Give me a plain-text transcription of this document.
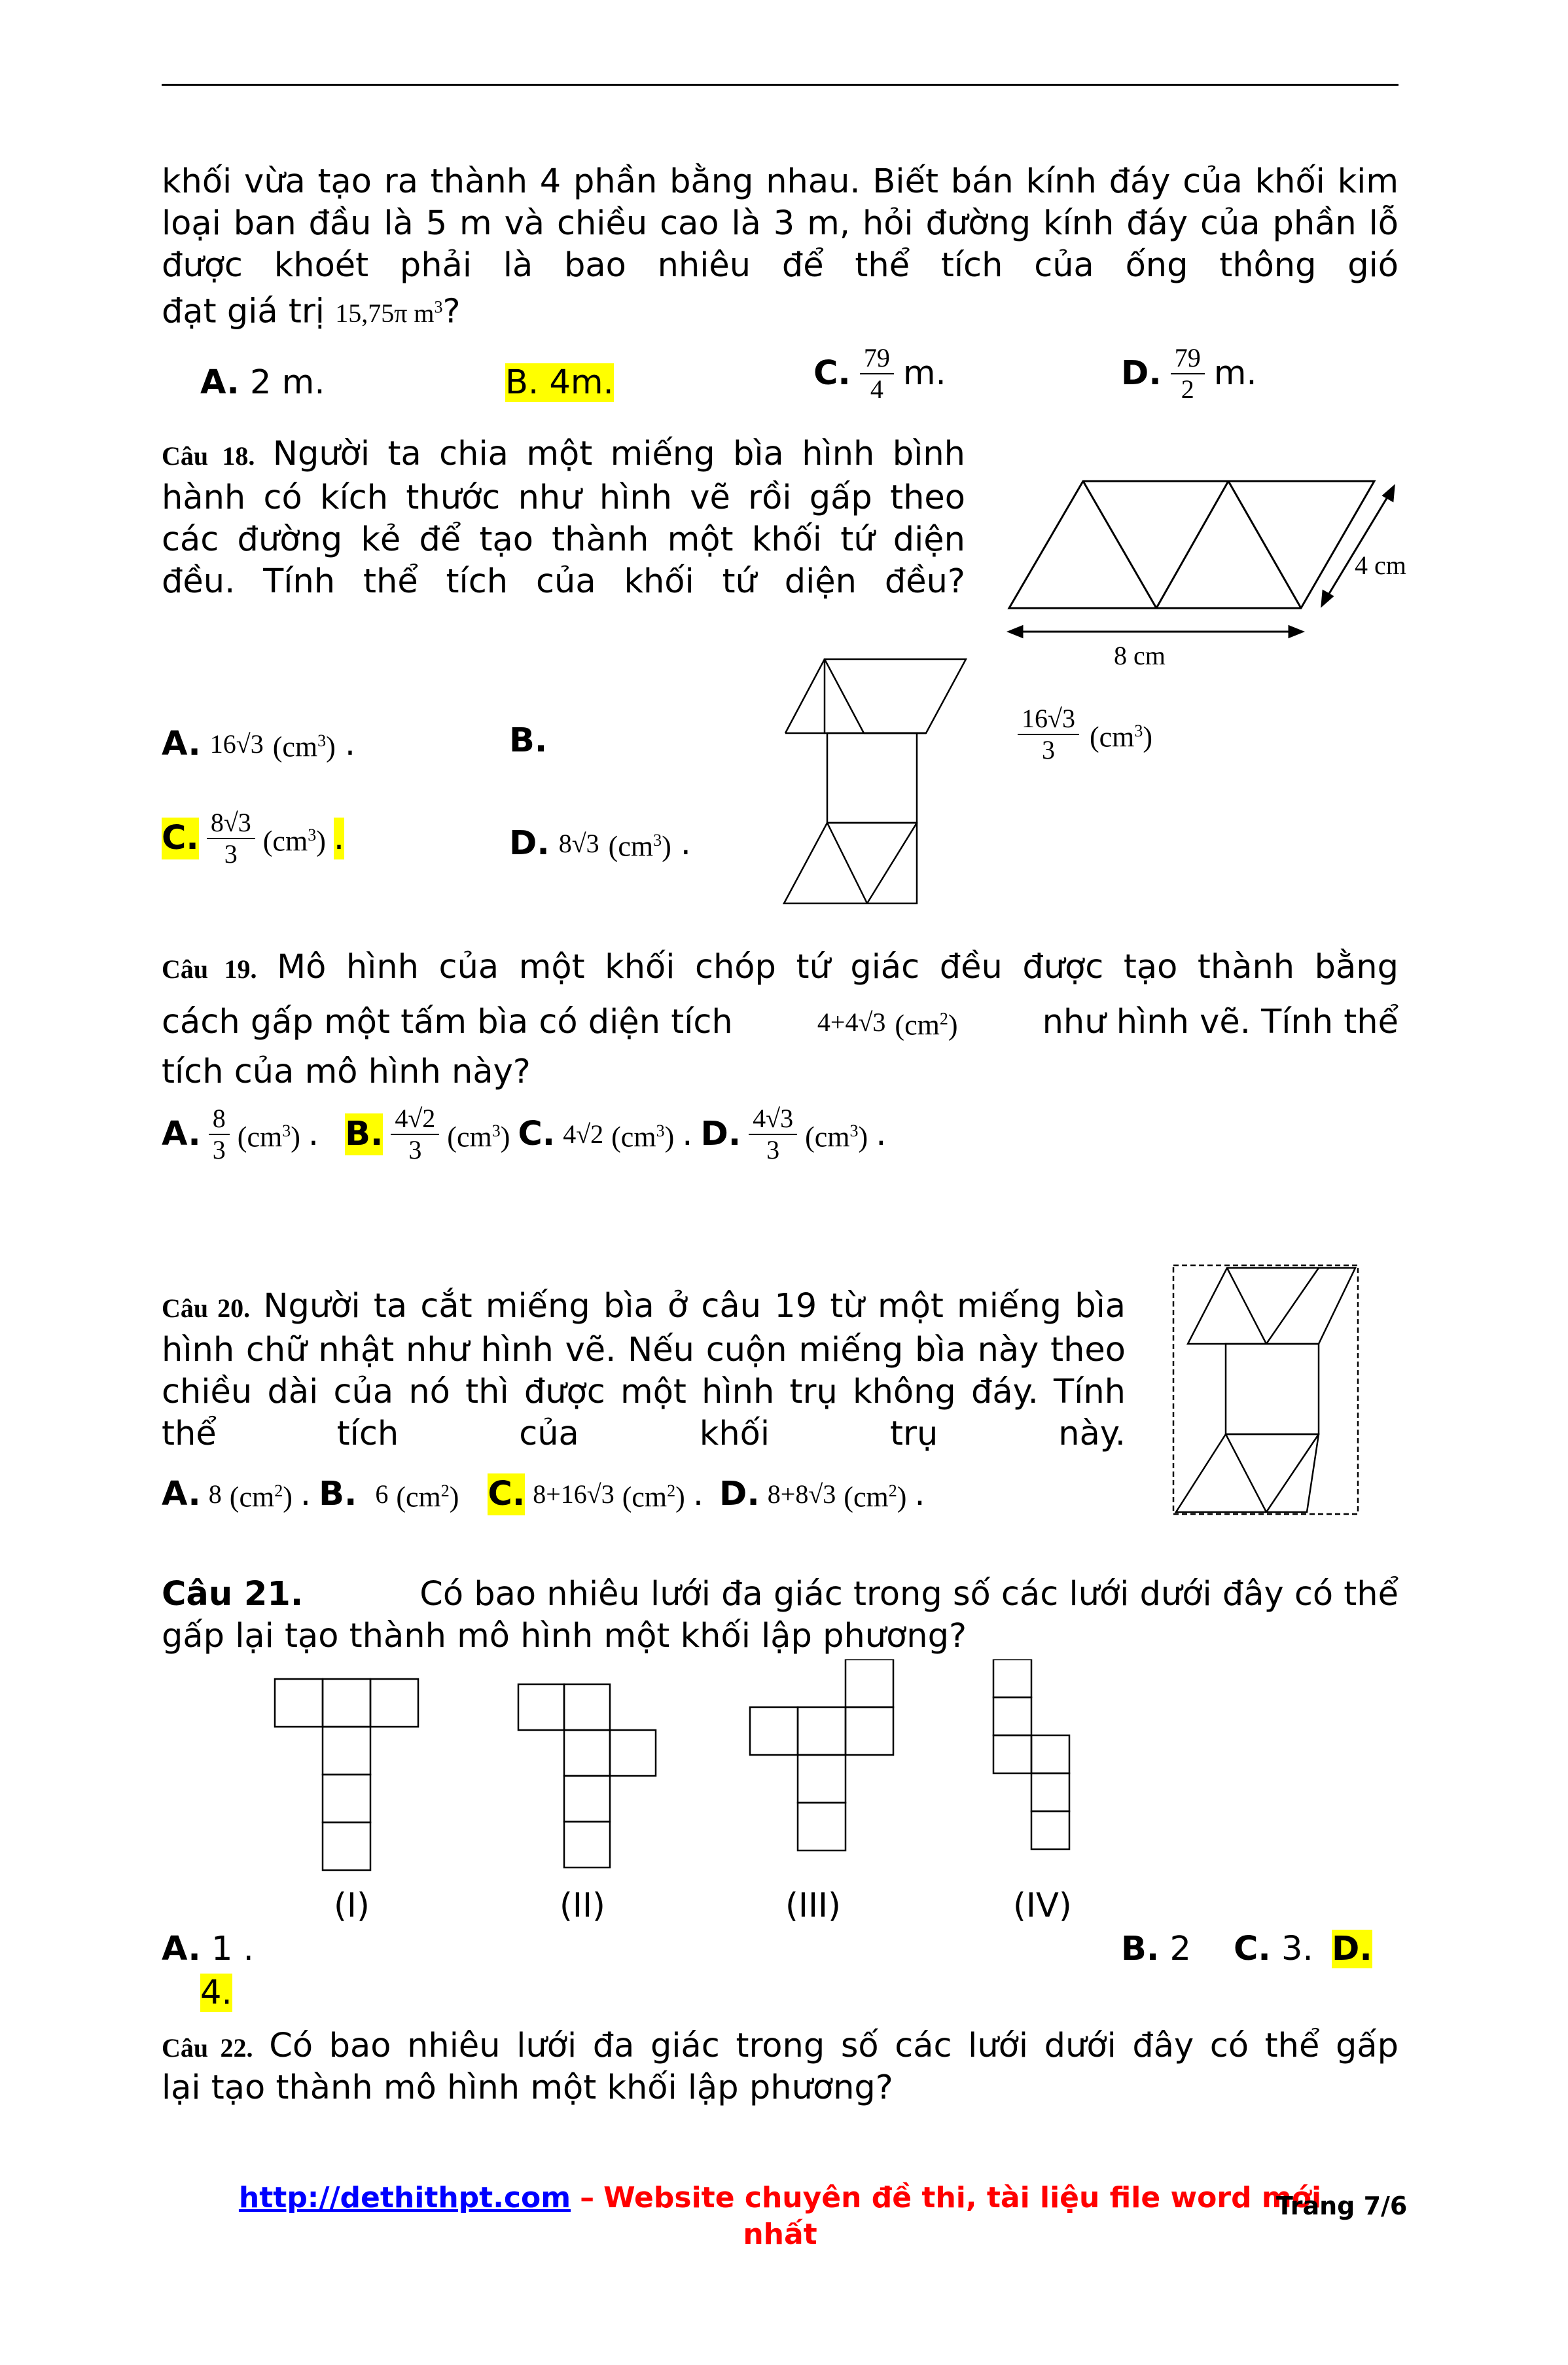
khối vừa tạo ra thành 4 phần bằng nhau. Biết bán kính đáy của khối kim loại ban đầu là 5 m và chiều cao là 3 m, hỏi đường kính đáy của phần lỗ được khoét phải là bao nhiêu để thể tích của ống thông gió
đạt giá trị 15,75π $m^3$?
A. 2 m.	B. 4m.	C. $\frac{79}{4} m$.	D. $\frac{79}{2} m$.
Câu 18. Người ta chia một miếng bìa hình bình hành có kích thước như hình vẽ rồi gấp theo các đường kẻ để tạo thành một khối tứ diện đều. Tính thể tích của khối tứ diện đều?	4 cm
8 cm
A. 16√3 $(cm^3)$ .	B.	$\frac{16√3}{3} (cm^3)$
C. $\frac{8√3}{3} (cm^3)$ .	D. 8√3 $(cm^3)$ .
Câu 19. Mô hình của một khối chóp tứ giác đều được tạo thành bằng
cách gấp một tấm bìa có diện tích	4+4√3 $(cm^2)$	như hình vẽ. Tính thể
tích của mô hình này?
A. $\frac{8}{3} (cm^3)$ . B. $\frac{4√2}{3} (cm^3)$ C. 4√2 $(cm^3)$ . D. $\frac{4√3}{3} (cm^3)$ .
Câu 20. Người ta cắt miếng bìa ở câu 19 từ một miếng bìa hình chữ nhật như hình vẽ. Nếu cuộn miếng bìa này theo chiều dài của nó thì được một hình trụ không đáy. Tính thể tích của khối trụ này.
A. 8 $(cm^2)$ . B. 6 $(cm^2)$ C. 8+16√3 $(cm^2)$ . D. 8+8√3 $(cm^2)$ .
Câu 21.	Có bao nhiêu lưới đa giác trong số các lưới dưới đây có thể
gấp lại tạo thành mô hình một khối lập phương?
(I)	(II)	(III)	(IV)
A. 1 .	B. 2 C. 3. D.
4.
Câu 22. Có bao nhiêu lưới đa giác trong số các lưới dưới đây có thể gấp
lại tạo thành mô hình một khối lập phương?
http://dethithpt.com – Website chuyên đề thi, tài liệu file word mới
nhất
Trang 7/6
